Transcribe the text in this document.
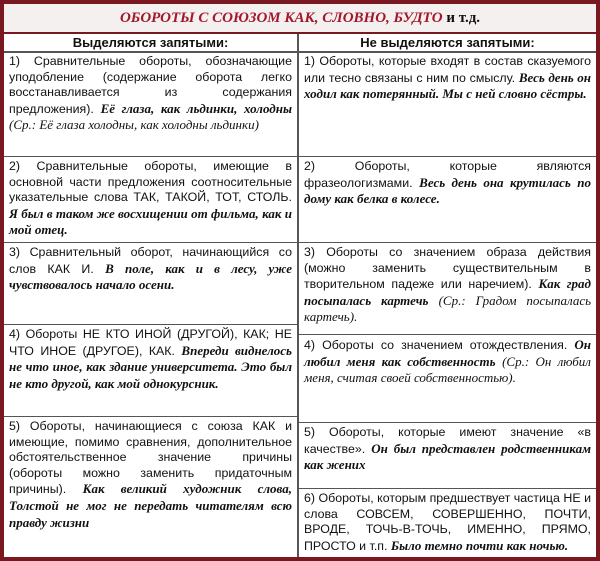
ОБОРОТЫ С СОЮЗОМ КАК, СЛОВНО, БУДТО и т.д.
Выделяются запятыми:	Не выделяются запятыми:
1) Сравнительные обороты, обозначающие уподобление (содержание оборота легко восстанавливается из содержания предложения). Её глаза, как льдинки, холодны (Ср.: Её глаза холодны, как холодны льдинки)
2) Сравнительные обороты, имеющие в основной части предложения соотносительные указательные слова ТАК, ТАКОЙ, ТОТ, СТОЛЬ. Я был в таком же восхищении от фильма, как и мой отец.
3) Сравнительный оборот, начинающийся со слов КАК И. В поле, как и в лесу, уже чувствовалось начало осени.
4) Обороты НЕ КТО ИНОЙ (ДРУГОЙ), КАК; НЕ ЧТО ИНОЕ (ДРУГОЕ), КАК. Впереди виднелось не что иное, как здание университета. Это был не кто другой, как мой однокурсник.
5) Обороты, начинающиеся с союза КАК и имеющие, помимо сравнения, дополнительное обстоятельственное значение причины (обороты можно заменить придаточным причины). Как великий художник слова, Толстой не мог не передать читателям всю правду жизни
1) Обороты, которые входят в состав сказуемого или тесно связаны с ним по смыслу. Весь день он ходил как потерянный. Мы с ней словно сёстры.
2) Обороты, которые являются фразеологизмами. Весь день она крутилась по дому как белка в колесе.
3) Обороты со значением образа действия (можно заменить существительным в творительном падеже или наречием). Как град посыпалась картечь (Ср.: Градом посыпалась картечь).
4) Обороты со значением отождествления. Он любил меня как собственность (Ср.: Он любил меня, считая своей собственностью).
5) Обороты, которые имеют значение «в качестве». Он был представлен родственникам как жених
6) Обороты, которым предшествует частица НЕ и слова СОВСЕМ, СОВЕРШЕННО, ПОЧТИ, ВРОДЕ, ТОЧЬ-В-ТОЧЬ, ИМЕННО, ПРЯМО, ПРОСТО и т.п. Было темно почти как ночью.
